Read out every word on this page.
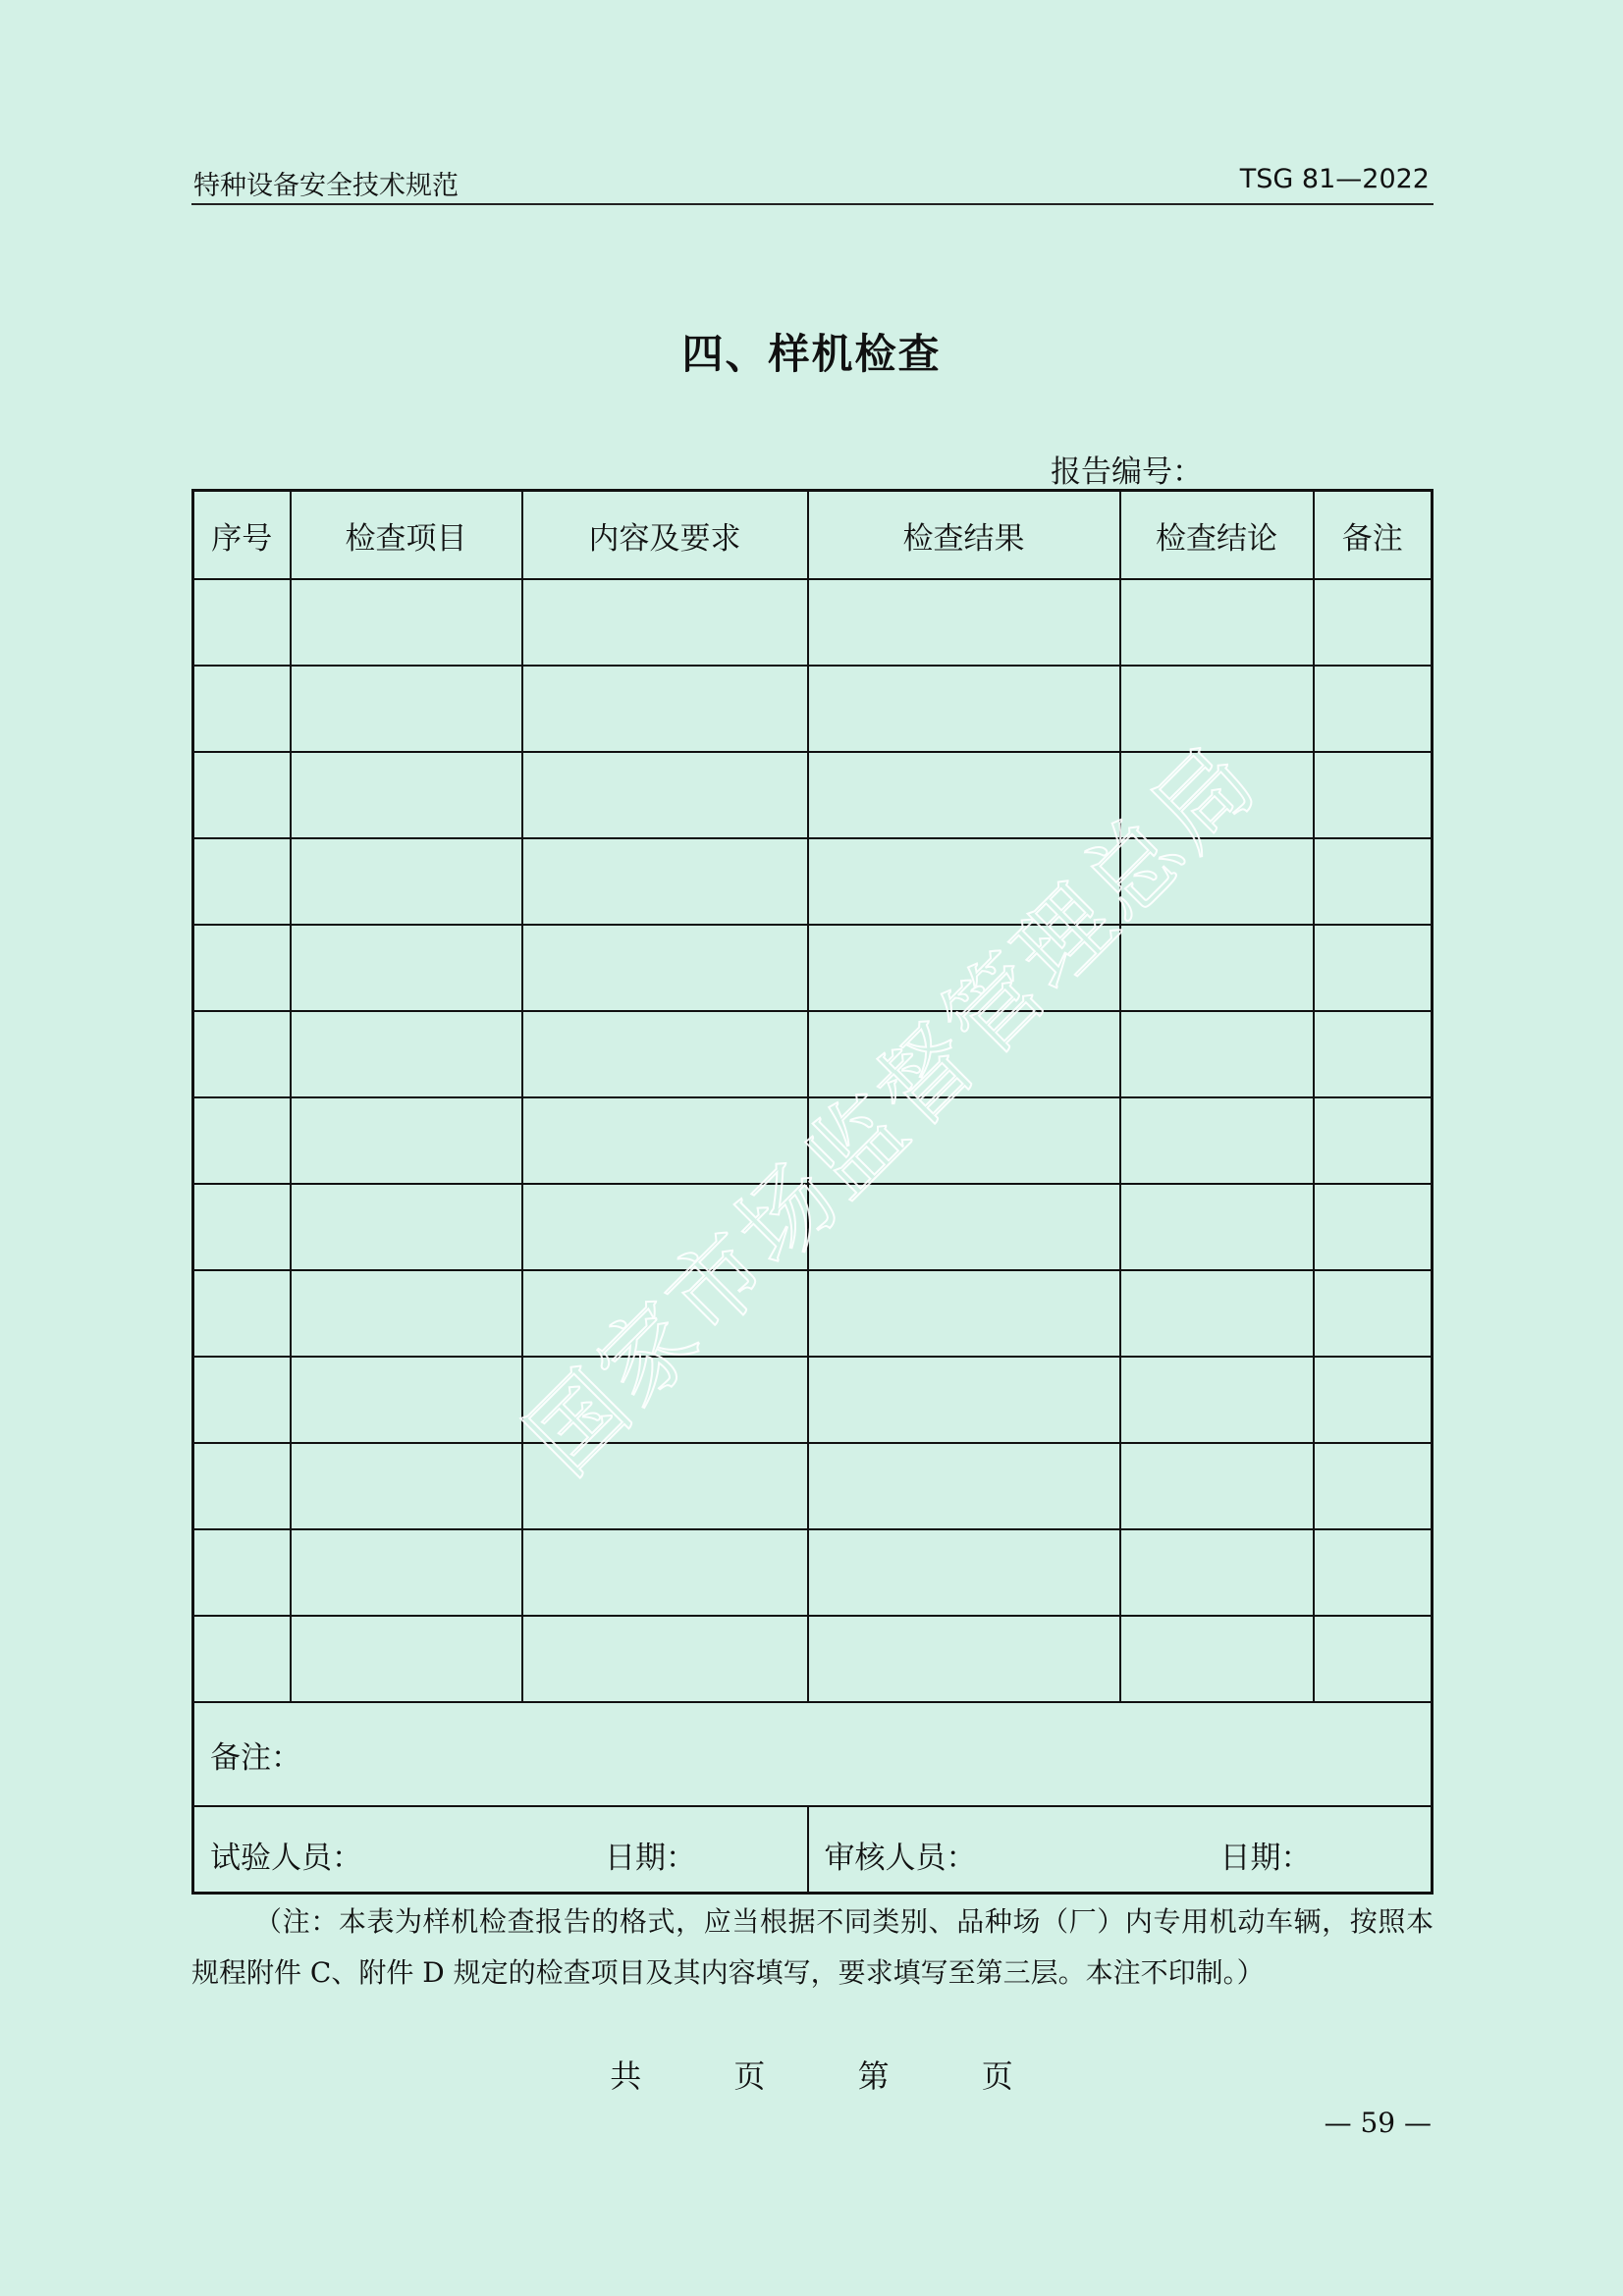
特种设备安全技术规范	TSG 81—2022
四、样机检查
报告编号：
序号	检查项目	内容及要求	检查结果	检查结论	备注

备注：					

试验人员： 日期：			审核人员： 日期：		
（注：本表为样机检查报告的格式，应当根据不同类别、品种场（厂）内专用机动车辆，按照本规程附件 C、附件 D 规定的检查项目及其内容填写，要求填写至第三层。本注不印制。）
共	页	第	页
— 59 —
国家市场监督管理总局
